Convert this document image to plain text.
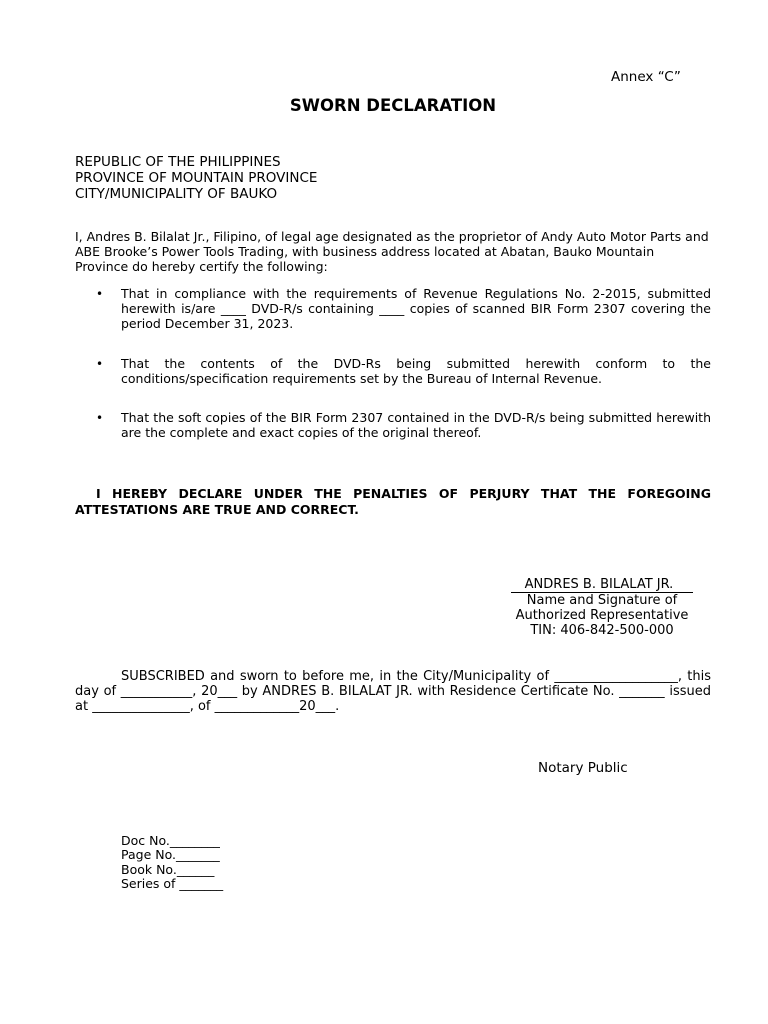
Annex “C”
SWORN DECLARATION
REPUBLIC OF THE PHILIPPINES
PROVINCE OF MOUNTAIN PROVINCE
CITY/MUNICIPALITY OF BAUKO
I, Andres B. Bilalat Jr., Filipino, of legal age designated as the proprietor of Andy Auto Motor Parts and ABE Brooke’s Power Tools Trading, with business address located at Abatan, Bauko Mountain Province do hereby certify the following:
• That in compliance with the requirements of Revenue Regulations No. 2-2015, submitted herewith is/are ____ DVD-R/s containing ____ copies of scanned BIR Form 2307 covering the period December 31, 2023.
• That the contents of the DVD-Rs being submitted herewith conform to the conditions/specification requirements set by the Bureau of Internal Revenue.
• That the soft copies of the BIR Form 2307 contained in the DVD-R/s being submitted herewith are the complete and exact copies of the original thereof.
I HEREBY DECLARE UNDER THE PENALTIES OF PERJURY THAT THE FOREGOING ATTESTATIONS ARE TRUE AND CORRECT.
ANDRES B. BILALAT JR.
Name and Signature of
Authorized Representative
TIN: 406-842-500-000
SUBSCRIBED and sworn to before me, in the City/Municipality of ___________________, this day of ___________, 20___ by ANDRES B. BILALAT JR. with Residence Certificate No. _______ issued at _______________, of _____________20___.
Notary Public
Doc No.________
Page No._______
Book No.______
Series of _______
